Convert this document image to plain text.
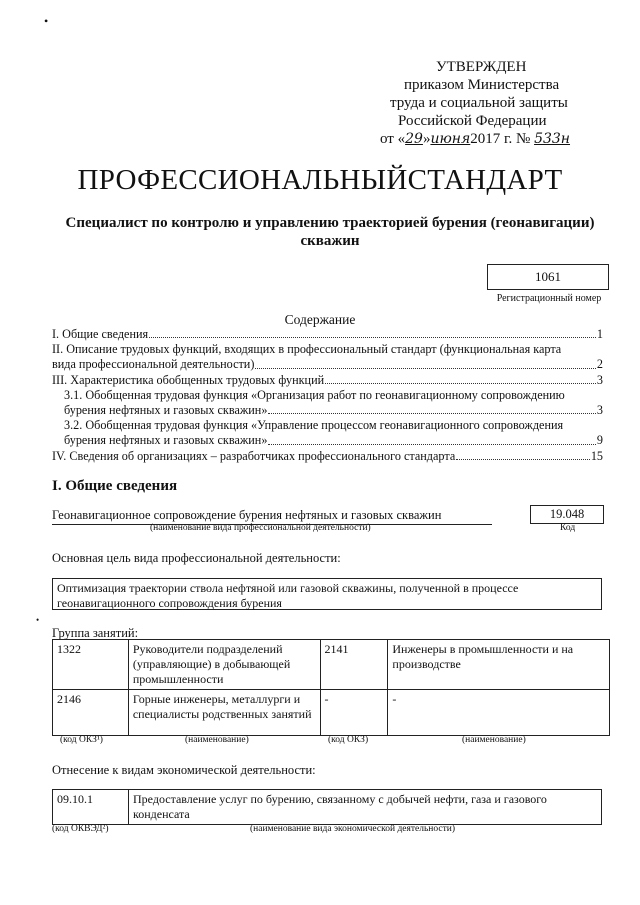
•
УТВЕРЖДЕН
приказом Министерства
труда и социальной защиты
Российской Федерации
от «29»июня2017 г. № 533н
ПРОФЕССИОНАЛЬНЫЙСТАНДАРТ
Специалист по контролю и управлению траекторией бурения (геонавигации) скважин
1061
Регистрационный номер
Содержание
I. Общие сведения	1
II. Описание трудовых функций, входящих в профессиональный стандарт (функциональная карта
вида профессиональной деятельности)	2
III. Характеристика обобщенных трудовых функций	3
3.1. Обобщенная трудовая функция «Организация работ по геонавигационному сопровождению
бурения нефтяных и газовых скважин»	3
3.2. Обобщенная трудовая функция «Управление процессом геонавигационного сопровождения
бурения нефтяных и газовых скважин»	9
IV. Сведения об организациях – разработчиках профессионального стандарта	15
I. Общие сведения
Геонавигационное сопровождение бурения нефтяных и газовых скважин
(наименование вида профессиональной деятельности)
19.048
Код
Основная цель вида профессиональной деятельности:
Оптимизация траектории ствола нефтяной или газовой скважины, полученной в процессе геонавигационного сопровождения бурения
•
Группа занятий:
1322	Руководители подразделений (управляющие) в добывающей промышленности	2141	Инженеры в промышленности и на производстве
2146	Горные инженеры, металлурги и специалисты родственных занятий	-	-
(код ОКЗ¹)	(наименование)	(код ОКЗ)	(наименование)
Отнесение к видам экономической деятельности:
09.10.1	Предоставление услуг по бурению, связанному с добычей нефти, газа и газового конденсата
(код ОКВЭД²)	(наименование вида экономической деятельности)
